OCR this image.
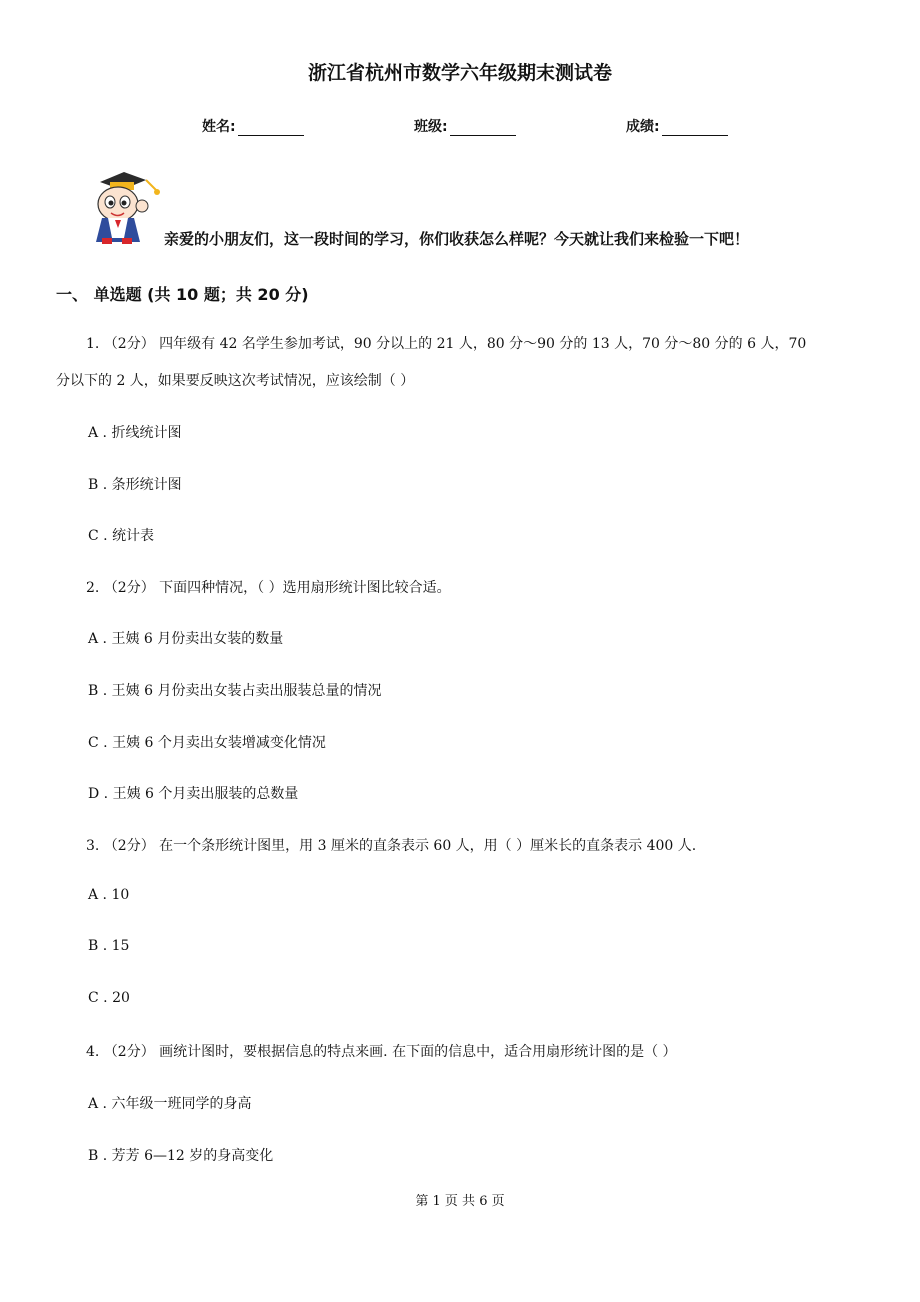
浙江省杭州市数学六年级期末测试卷
姓名:	班级:	成绩:
亲爱的小朋友们，这一段时间的学习，你们收获怎么样呢？今天就让我们来检验一下吧！
一、 单选题 (共 10 题；共 20 分)
1. （2分） 四年级有 42 名学生参加考试，90 分以上的 21 人，80 分～90 分的 13 人，70 分～80 分的 6 人，70
分以下的 2 人，如果要反映这次考试情况，应该绘制（ ）
A . 折线统计图
B . 条形统计图
C . 统计表
2. （2分） 下面四种情况，（ ）选用扇形统计图比较合适。
A . 王姨 6 月份卖出女装的数量
B . 王姨 6 月份卖出女装占卖出服装总量的情况
C . 王姨 6 个月卖出女装增减变化情况
D . 王姨 6 个月卖出服装的总数量
3. （2分） 在一个条形统计图里，用 3 厘米的直条表示 60 人，用（ ）厘米长的直条表示 400 人.
A . 10
B . 15
C . 20
4. （2分） 画统计图时，要根据信息的特点来画. 在下面的信息中，适合用扇形统计图的是（ ）
A . 六年级一班同学的身高
B . 芳芳 6—12 岁的身高变化
第 1 页 共 6 页
